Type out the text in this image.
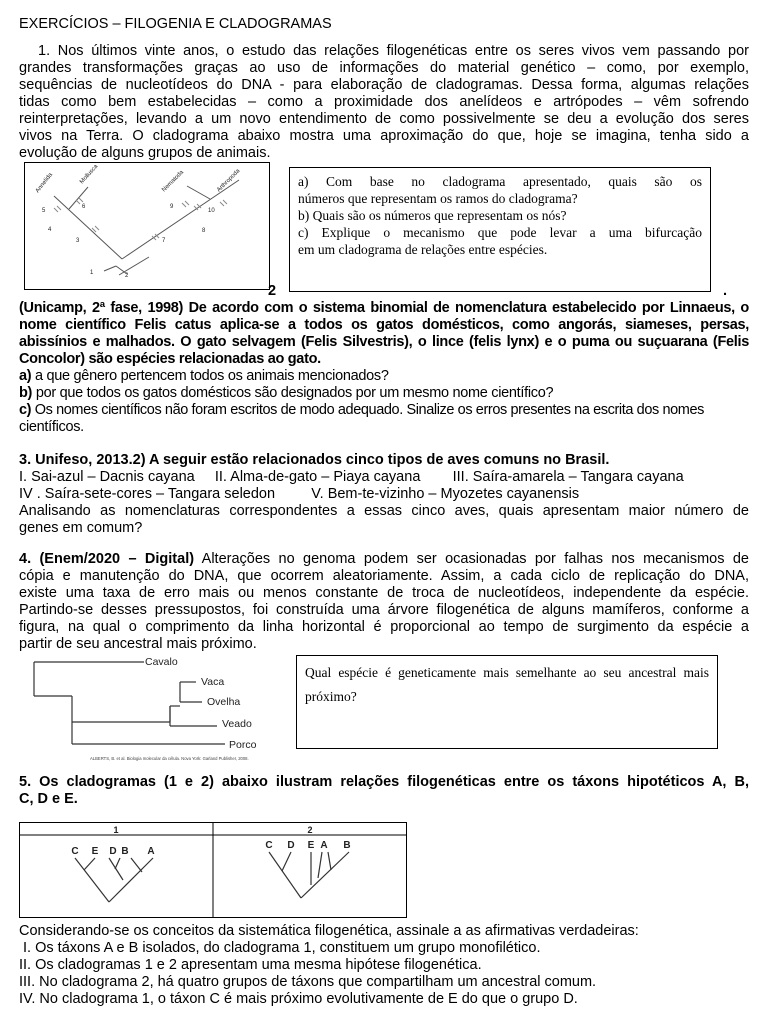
EXERCÍCIOS – FILOGENIA E CLADOGRAMAS
1. Nos últimos vinte anos, o estudo das relações filogenéticas entre os seres vivos vem passando por
grandes transformações graças ao uso de informações do material genético – como, por exemplo,
sequências de nucleotídeos do DNA - para elaboração de cladogramas. Dessa forma, algumas relações
tidas como bem estabelecidas – como a proximidade dos anelídeos e artrópodes – vêm sofrendo
reinterpretações, levando a um novo entendimento de como possivelmente se deu a evolução dos seres
vivos na Terra. O cladograma abaixo mostra uma aproximação do que, hoje se imagina, tenha sido a
evolução de alguns grupos de animais.
Annelida	Mollusca	Nematoda	Arthropoda
1	2
3
4
5
6
7
8
9
10
a) Com base no cladograma apresentado, quais são os
números que representam os ramos do cladograma?
b) Quais são os números que representam os nós?
c) Explique o mecanismo que pode levar a uma bifurcação
em um cladograma de relações entre espécies.
2	.
(Unicamp, 2ª fase, 1998) De acordo com o sistema binomial de nomenclatura estabelecido por Linnaeus, o
nome científico Felis catus aplica-se a todos os gatos domésticos, como angorás, siameses, persas,
abissínios e malhados. O gato selvagem (Felis Silvestris), o lince (felis lynx) e o puma ou suçuarana (Felis
Concolor) são espécies relacionadas ao gato.
a) a que gênero pertencem todos os animais mencionados?
b) por que todos os gatos domésticos são designados por um mesmo nome científico?
c) Os nomes científicos não foram escritos de modo adequado. Sinalize os erros presentes na escrita dos nomes
científicos.
3. Unifeso, 2013.2) A seguir estão relacionados cinco tipos de aves comuns no Brasil.
I. Sai-azul – Dacnis cayana     II. Alma-de-gato – Piaya cayana        III. Saíra-amarela – Tangara cayana
IV . Saíra-sete-cores – Tangara seledon         V. Bem-te-vizinho – Myozetes cayanensis
Analisando as nomenclaturas correspondentes a essas cinco aves, quais apresentam maior número de
genes em comum?
4. (Enem/2020 – Digital) Alterações no genoma podem ser ocasionadas por falhas nos mecanismos de
cópia e manutenção do DNA, que ocorrem aleatoriamente. Assim, a cada ciclo de replicação do DNA,
existe uma taxa de erro mais ou menos constante de troca de nucleotídeos, independente da espécie.
Partindo-se desses pressupostos, foi construída uma árvore filogenética de alguns mamíferos, conforme a
figura, na qual o comprimento da linha horizontal é proporcional ao tempo de surgimento da espécie a
partir de seu ancestral mais próximo.
Cavalo
Vaca
Ovelha
Veado
Porco
ALBERTS, B. et al. Biologia molecular da célula. Nova York: Garland Publisher, 2008.
Qual espécie é geneticamente mais semelhante ao seu ancestral mais
próximo?
5. Os cladogramas (1 e 2) abaixo ilustram relações filogenéticas entre os táxons hipotéticos A, B,
C, D e E.
1	2
C E D B A
C D E A B
Considerando-se os conceitos da sistemática filogenética, assinale a as afirmativas verdadeiras:
I. Os táxons A e B isolados, do cladograma 1, constituem um grupo monofilético.
II. Os cladogramas 1 e 2 apresentam uma mesma hipótese filogenética.
III. No cladograma 2, há quatro grupos de táxons que compartilham um ancestral comum.
IV. No cladograma 1, o táxon C é mais próximo evolutivamente de E do que o grupo D.
